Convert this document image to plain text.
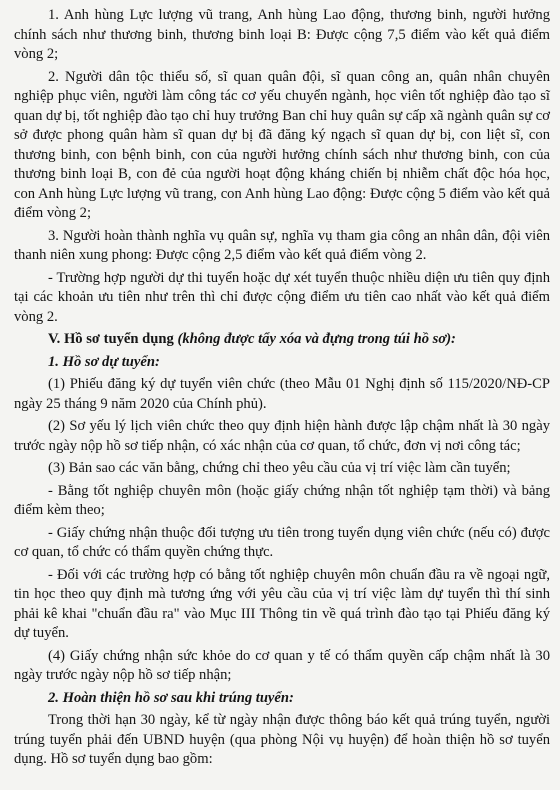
1. Anh hùng Lực lượng vũ trang, Anh hùng Lao động, thương binh, người hưởng chính sách như thương binh, thương binh loại B: Được cộng 7,5 điểm vào kết quả điểm vòng 2;

2. Người dân tộc thiểu số, sĩ quan quân đội, sĩ quan công an, quân nhân chuyên nghiệp phục viên, người làm công tác cơ yếu chuyển ngành, học viên tốt nghiệp đào tạo sĩ quan dự bị, tốt nghiệp đào tạo chỉ huy trưởng Ban chỉ huy quân sự cấp xã ngành quân sự cơ sở được phong quân hàm sĩ quan dự bị đã đăng ký ngạch sĩ quan dự bị, con liệt sĩ, con thương binh, con bệnh binh, con của người hưởng chính sách như thương binh, con của thương binh loại B, con đẻ của người hoạt động kháng chiến bị nhiễm chất độc hóa học, con Anh hùng Lực lượng vũ trang, con Anh hùng Lao động: Được cộng 5 điểm vào kết quả điểm vòng 2;

3. Người hoàn thành nghĩa vụ quân sự, nghĩa vụ tham gia công an nhân dân, đội viên thanh niên xung phong: Được cộng 2,5 điểm vào kết quả điểm vòng 2.

- Trường hợp người dự thi tuyển hoặc dự xét tuyển thuộc nhiều diện ưu tiên quy định tại các khoản ưu tiên như trên thì chỉ được cộng điểm ưu tiên cao nhất vào kết quả điểm vòng 2.

V. Hồ sơ tuyển dụng (không được tẩy xóa và đựng trong túi hồ sơ):

1. Hồ sơ dự tuyển:

(1) Phiếu đăng ký dự tuyển viên chức (theo Mẫu 01 Nghị định số 115/2020/NĐ-CP ngày 25 tháng 9 năm 2020 của Chính phủ).

(2) Sơ yếu lý lịch viên chức theo quy định hiện hành được lập chậm nhất là 30 ngày trước ngày nộp hồ sơ tiếp nhận, có xác nhận của cơ quan, tổ chức, đơn vị nơi công tác;

(3) Bản sao các văn bằng, chứng chỉ theo yêu cầu của vị trí việc làm cần tuyển;

- Bằng tốt nghiệp chuyên môn (hoặc giấy chứng nhận tốt nghiệp tạm thời) và bảng điểm kèm theo;

- Giấy chứng nhận thuộc đối tượng ưu tiên trong tuyển dụng viên chức (nếu có) được cơ quan, tổ chức có thẩm quyền chứng thực.

- Đối với các trường hợp có bằng tốt nghiệp chuyên môn chuẩn đầu ra về ngoại ngữ, tin học theo quy định mà tương ứng với yêu cầu của vị trí việc làm dự tuyển thì thí sinh phải kê khai "chuẩn đầu ra" vào Mục III Thông tin về quá trình đào tạo tại Phiếu đăng ký dự tuyển.

(4) Giấy chứng nhận sức khỏe do cơ quan y tế có thẩm quyền cấp chậm nhất là 30 ngày trước ngày nộp hồ sơ tiếp nhận;

2. Hoàn thiện hồ sơ sau khi trúng tuyển:

Trong thời hạn 30 ngày, kể từ ngày nhận được thông báo kết quả trúng tuyển, người trúng tuyển phải đến UBND huyện (qua phòng Nội vụ huyện) để hoàn thiện hồ sơ tuyển dụng. Hồ sơ tuyển dụng bao gồm:
